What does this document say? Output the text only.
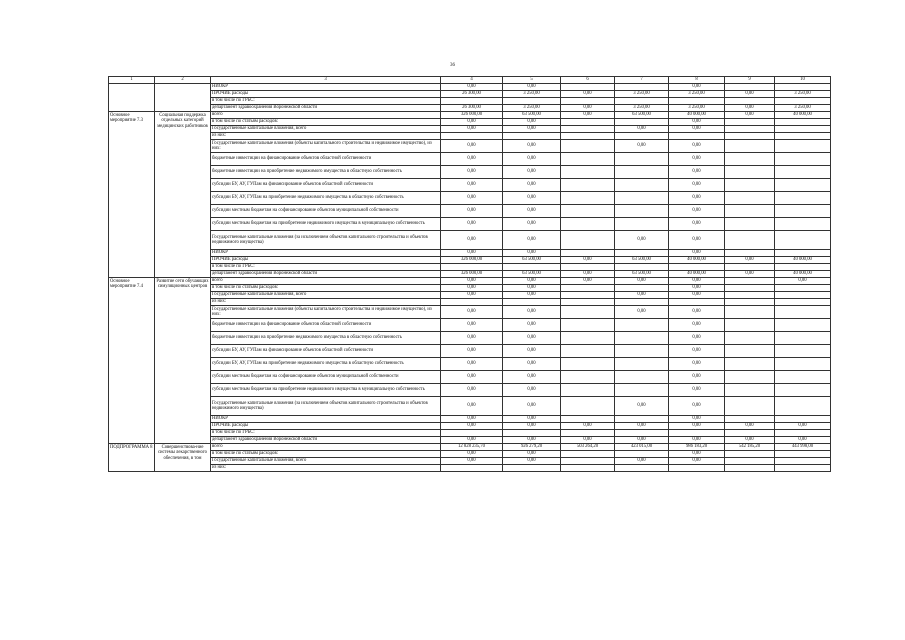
36
1	2	3	4	5	6	7	8	9	10
		НИОКР	0,00	0,00			0,00		
		ПРОЧИЕ расходы	26 300,00	3 250,00	0,00	3 250,00	3 250,00	0,00	3 250,00
		в том числе по ГРБС:							
		департамент здравоохранения Воронежской области	26 300,00	3 250,00	0,00	3 250,00	3 250,00	0,00	3 250,00
Основное мероприятие 7.3	Социальная поддержка отдельных категорий медицинских работников	всего	326 000,00	63 500,00	0,00	63 500,00	40 000,00	0,00	40 000,00
		в том числе по статьям расходов:	0,00	0,00			0,00		
		Государственные капитальные вложения, всего	0,00	0,00		0,00	0,00		
		из них:							
		Государственные капитальные вложения (объекты капитального строительства и недвижимое имущество), из них:	0,00	0,00		0,00	0,00		
		бюджетные инвестиции на финансирование объектов областной собственности	0,00	0,00			0,00		
		бюджетные инвестиции на приобретение недвижимого имущества в областную собственность	0,00	0,00			0,00		
		субсидии БУ, АУ, ГУПам на финансирование объектов областной собственности	0,00	0,00			0,00		
		субсидии БУ, АУ, ГУПам на приобретение недвижимого имущества в областную собственность	0,00	0,00			0,00		
		субсидии местным бюджетам на софинансирование объектов муниципальной собственности	0,00	0,00			0,00		
		субсидии местным бюджетам на приобретение недвижимого имущества в муниципальную собственность	0,00	0,00			0,00		
		Государственные капитальные вложения (за исключением объектов капитального строительства и объектов недвижимого имущества)	0,00	0,00		0,00	0,00		
		НИОКР	0,00	0,00			0,00		
		ПРОЧИЕ расходы	326 000,00	63 500,00	0,00	63 500,00	40 000,00	0,00	40 000,00
		в том числе по ГРБС:							
		департамент здравоохранения Воронежской области	326 000,00	63 500,00	0,00	63 500,00	40 000,00	0,00	40 000,00
Основное мероприятие 7.4	Развитие сети обучающих симуляционных центров	всего	0,00	0,00	0,00	0,00	0,00		0,00
		в том числе по статьям расходов:	0,00	0,00			0,00		
		Государственные капитальные вложения, всего	0,00	0,00		0,00	0,00		
		из них:							
		Государственные капитальные вложения (объекты капитального строительства и недвижимое имущество), из них:	0,00	0,00		0,00	0,00		
		бюджетные инвестиции на финансирование объектов областной собственности	0,00	0,00			0,00		
		бюджетные инвестиции на приобретение недвижимого имущества в областную собственность	0,00	0,00			0,00		
		субсидии БУ, АУ, ГУПам на финансирование объектов областной собственности	0,00	0,00			0,00		
		субсидии БУ, АУ, ГУПам на приобретение недвижимого имущества в областную собственность	0,00	0,00			0,00		
		субсидии местным бюджетам на софинансирование объектов муниципальной собственности	0,00	0,00			0,00		
		субсидии местным бюджетам на приобретение недвижимого имущества в муниципальную собственность	0,00	0,00			0,00		
		Государственные капитальные вложения (за исключением объектов капитального строительства и объектов недвижимого имущества)	0,00	0,00		0,00	0,00		
		НИОКР	0,00	0,00			0,00		
		ПРОЧИЕ расходы	0,00	0,00	0,00	0,00	0,00	0,00	0,00
		в том числе по ГРБС:							
		департамент здравоохранения Воронежской области	0,00	0,00	0,00	0,00	0,00	0,00	0,00
ПОДПРОГРАММА 8	Совершенствова-ние системы лекарственного обеспечения, в том	всего	12 828 235,70	926 279,20	503 264,20	423 015,00	986 183,20	542 185,20	443 998,00
		в том числе по статьям расходов:	0,00	0,00			0,00		
		Государственные капитальные вложения, всего	0,00	0,00		0,00	0,00		
		из них:							
